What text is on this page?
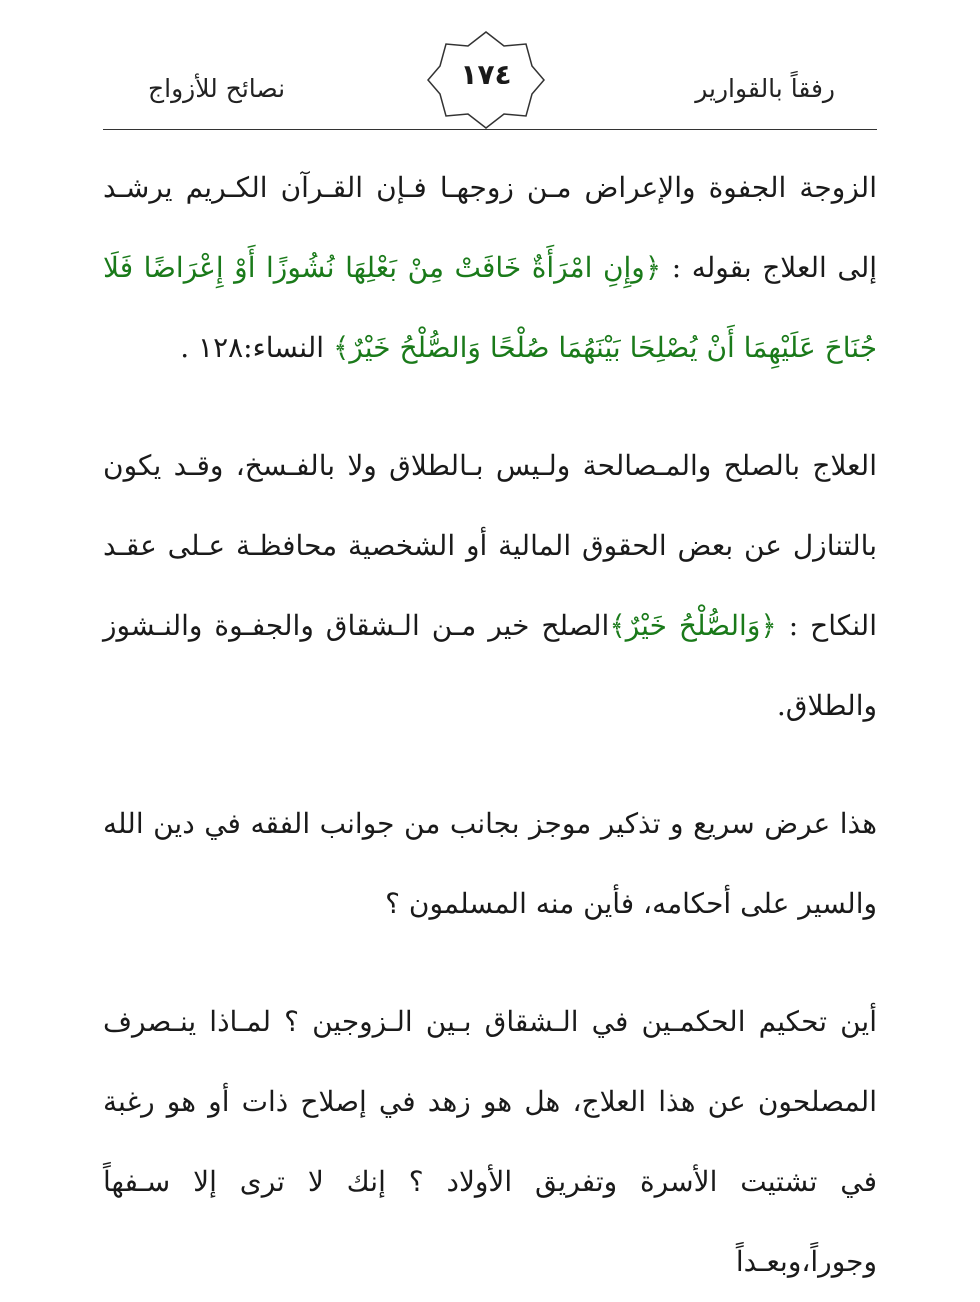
نصائح للأزواج	١٧٤	رفقاً بالقوارير

الزوجة الجفوة والإعراض مـن زوجهـا فـإن القـرآن الكـريم يرشـد إلى العلاج بقوله : ﴿وإِنِ امْرَأَةٌ خَافَتْ مِنْ بَعْلِهَا نُشُوزًا أَوْ إِعْرَاضًا فَلَا جُنَاحَ عَلَيْهِمَا أَنْ يُصْلِحَا بَيْنَهُمَا صُلْحًا وَالصُّلْحُ خَيْرٌ﴾ النساء:١٢٨ .

العلاج بالصلح والمـصالحة ولـيس بـالطلاق ولا بالفـسخ، وقـد يكون بالتنازل عن بعض الحقوق المالية أو الشخصية محافظـة عـلى عقـد النكاح : ﴿وَالصُّلْحُ خَيْرٌ﴾الصلح خير مـن الـشقاق والجفـوة والنـشوز والطلاق.

هذا عرض سريع و تذكير موجز بجانب من جوانب الفقه في دين الله والسير على أحكامه، فأين منه المسلمون ؟

أين تحكيم الحكمـين في الـشقاق بـين الـزوجين ؟ لمـاذا ينـصرف المصلحون عن هذا العلاج، هل هو زهد في إصلاح ذات أو هو رغبة في تشتيت الأسرة وتفريق الأولاد ؟ إنك لا ترى إلا سـفهاً وجوراً،وبعـداً
